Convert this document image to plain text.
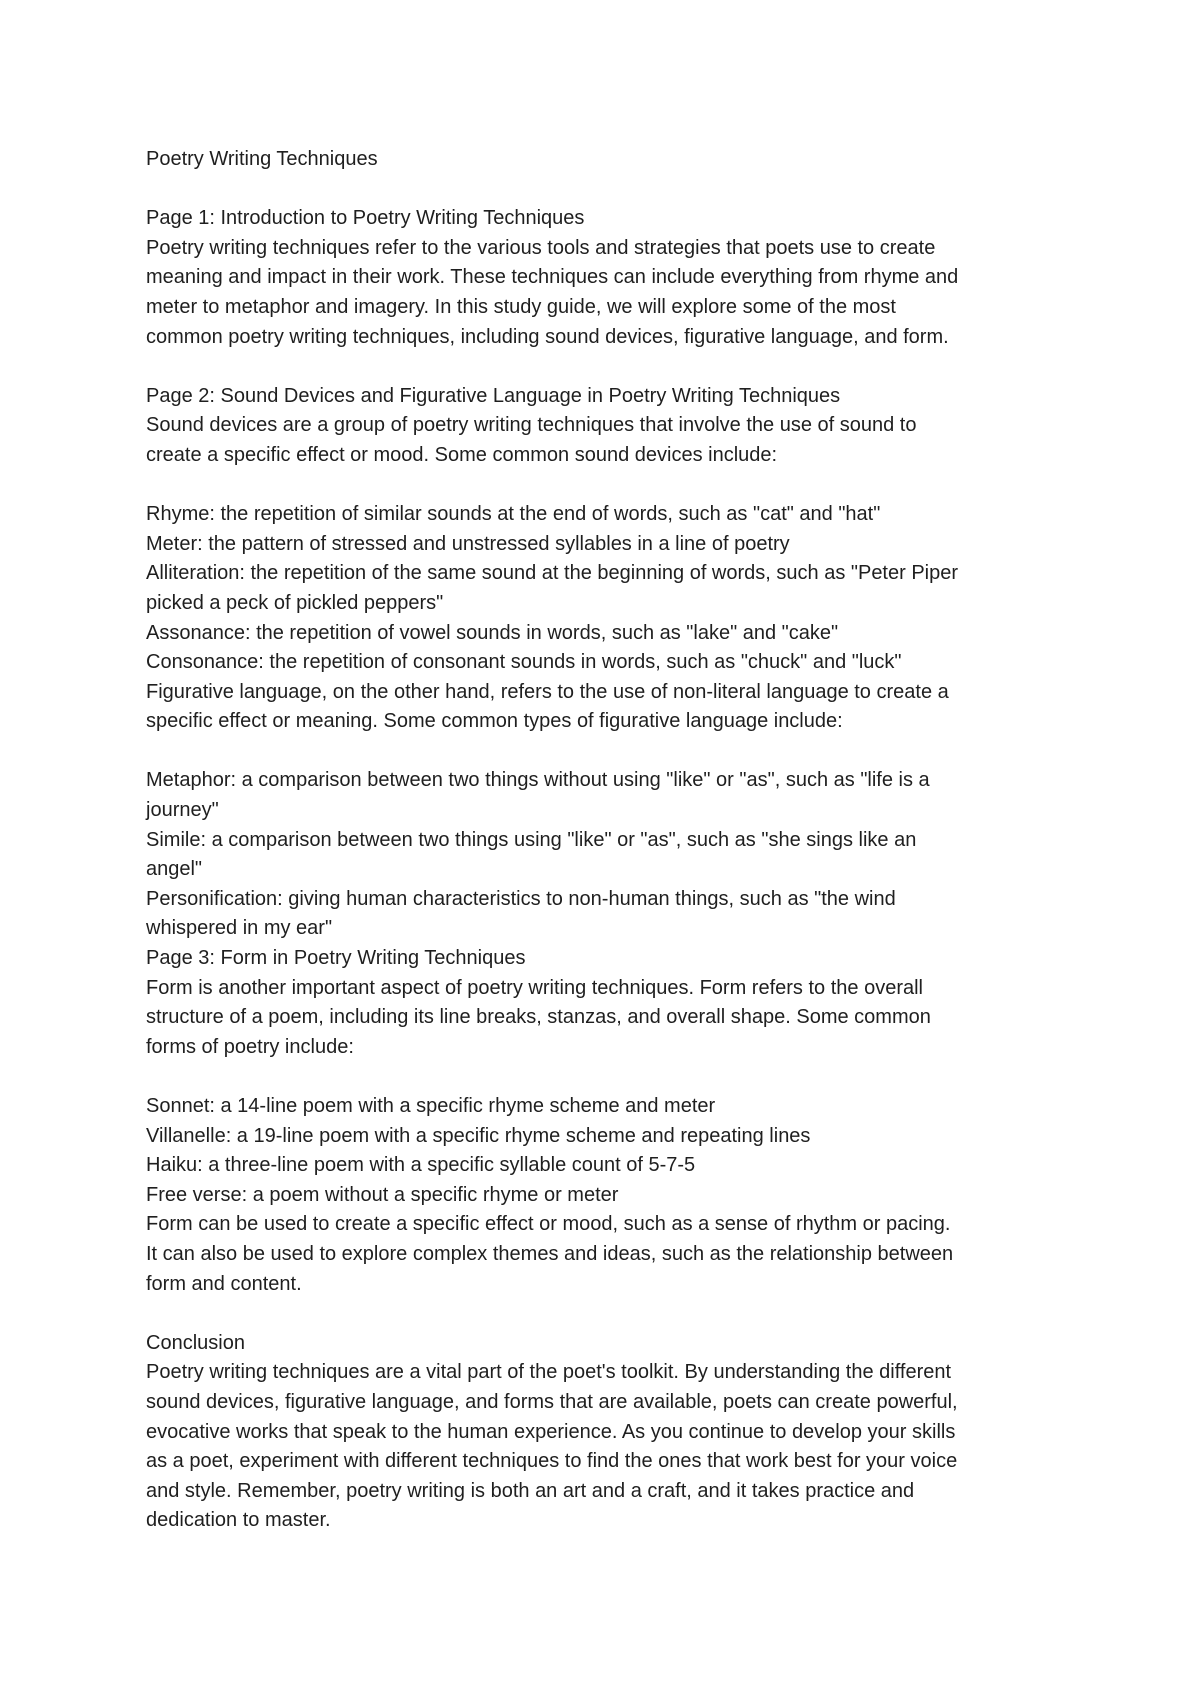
Poetry Writing Techniques
Page 1: Introduction to Poetry Writing Techniques
Poetry writing techniques refer to the various tools and strategies that poets use to create
meaning and impact in their work. These techniques can include everything from rhyme and
meter to metaphor and imagery. In this study guide, we will explore some of the most
common poetry writing techniques, including sound devices, figurative language, and form.
Page 2: Sound Devices and Figurative Language in Poetry Writing Techniques
Sound devices are a group of poetry writing techniques that involve the use of sound to
create a specific effect or mood. Some common sound devices include:
Rhyme: the repetition of similar sounds at the end of words, such as "cat" and "hat"
Meter: the pattern of stressed and unstressed syllables in a line of poetry
Alliteration: the repetition of the same sound at the beginning of words, such as "Peter Piper
picked a peck of pickled peppers"
Assonance: the repetition of vowel sounds in words, such as "lake" and "cake"
Consonance: the repetition of consonant sounds in words, such as "chuck" and "luck"
Figurative language, on the other hand, refers to the use of non-literal language to create a
specific effect or meaning. Some common types of figurative language include:
Metaphor: a comparison between two things without using "like" or "as", such as "life is a
journey"
Simile: a comparison between two things using "like" or "as", such as "she sings like an
angel"
Personification: giving human characteristics to non-human things, such as "the wind
whispered in my ear"
Page 3: Form in Poetry Writing Techniques
Form is another important aspect of poetry writing techniques. Form refers to the overall
structure of a poem, including its line breaks, stanzas, and overall shape. Some common
forms of poetry include:
Sonnet: a 14-line poem with a specific rhyme scheme and meter
Villanelle: a 19-line poem with a specific rhyme scheme and repeating lines
Haiku: a three-line poem with a specific syllable count of 5-7-5
Free verse: a poem without a specific rhyme or meter
Form can be used to create a specific effect or mood, such as a sense of rhythm or pacing.
It can also be used to explore complex themes and ideas, such as the relationship between
form and content.
Conclusion
Poetry writing techniques are a vital part of the poet's toolkit. By understanding the different
sound devices, figurative language, and forms that are available, poets can create powerful,
evocative works that speak to the human experience. As you continue to develop your skills
as a poet, experiment with different techniques to find the ones that work best for your voice
and style. Remember, poetry writing is both an art and a craft, and it takes practice and
dedication to master.
